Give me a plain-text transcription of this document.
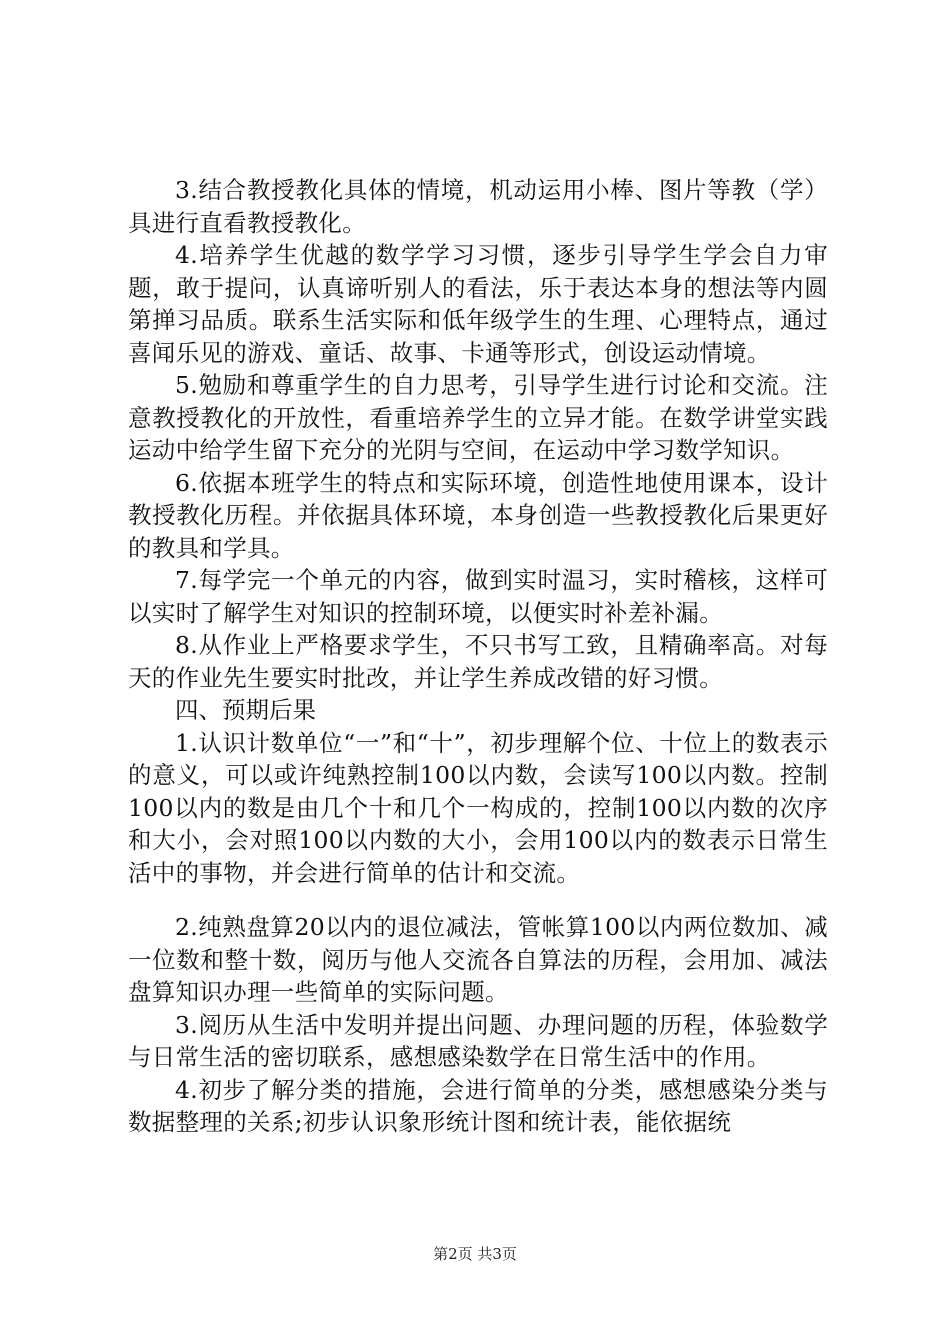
3.结合教授教化具体的情境，机动运用小棒、图片等教（学）具进行直看教授教化。

4.培养学生优越的数学学习习惯，逐步引导学生学会自力审题，敢于提问，认真谛听别人的看法，乐于表达本身的想法等内圆第掸习品质。联系生活实际和低年级学生的生理、心理特点，通过喜闻乐见的游戏、童话、故事、卡通等形式，创设运动情境。

5.勉励和尊重学生的自力思考，引导学生进行讨论和交流。注意教授教化的开放性，看重培养学生的立异才能。在数学讲堂实践运动中给学生留下充分的光阴与空间，在运动中学习数学知识。

6.依据本班学生的特点和实际环境，创造性地使用课本，设计教授教化历程。并依据具体环境，本身创造一些教授教化后果更好的教具和学具。

7.每学完一个单元的内容，做到实时温习，实时稽核，这样可以实时了解学生对知识的控制环境，以便实时补差补漏。

8.从作业上严格要求学生，不只书写工致，且精确率高。对每天的作业先生要实时批改，并让学生养成改错的好习惯。

四、预期后果

1.认识计数单位“一”和“十”，初步理解个位、十位上的数表示的意义，可以或许纯熟控制100以内数，会读写100以内数。控制100以内的数是由几个十和几个一构成的，控制100以内数的次序和大小，会对照100以内数的大小，会用100以内的数表示日常生活中的事物，并会进行简单的估计和交流。

2.纯熟盘算20以内的退位减法，管帐算100以内两位数加、减一位数和整十数，阅历与他人交流各自算法的历程，会用加、减法盘算知识办理一些简单的实际问题。

3.阅历从生活中发明并提出问题、办理问题的历程，体验数学与日常生活的密切联系，感想感染数学在日常生活中的作用。

4.初步了解分类的措施，会进行简单的分类，感想感染分类与数据整理的关系;初步认识象形统计图和统计表，能依据统

第2页 共3页
